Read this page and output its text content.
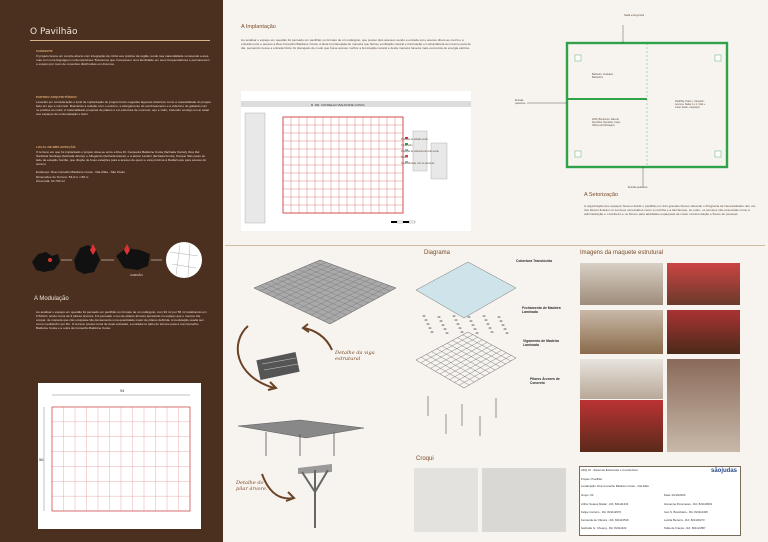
O Pavilhão
CONCEITO:
O projeto busca um convite aberto com integração de robôs aos prédios da região, tendo sua materialidade remetendo a eles, mas com uma linguagem contemporânea. Buscamos que trouxessem uma identidade em seus frequentadores e permanecem o espaço por meio de conexões distribuídas em diversos.
PARTIDO ARQUITETÔNICO:
Levando em consideração o local de implantação do projeto foram segadas algumas diretrizes como a materialidade do projeto feito em aço e concreto. Buscando a relação com o entorno, e alongamento do sombreamento e a vida livre do gabarito com os prédios ao redor. A materialidade proposta de pilares é em estrutura de concreto, aço e vidro, trazendo consigo um ar atual aos espaços de contemplação e lazer.
LOCAL DE IMPLANTAÇÃO:
O terreno em que foi implantado o projeto situa-se entre a Rua Dr. Cerqueira Baldoine Costa (fachada frontal), Rua Del Sanitária Santiago (fachada direita), e Alfegando (fachada lateral), e a atrizel Lavidor (fachada fundo), Parque São paulo ao lado da estação Carrão, que dispõe de boas estações para a acesso de quem e esta próxima à Radial leste para acesso do terreno.
Endereço: Rua Conselho Baldoine Costa - Vila Zilda - São Paulo
Dimensões do Terreno: 53,0 m x 88 m
Área total: 10.700 m²
CARRÃO
A Modulação
Ao analisar o espaço em questão foi pensado um pavilhão no formato de um retângulo, com 94 m² por 56 m² totalizando em 6.544m², tendo cerca de 9 pilares árvores. Foi pensado o uso de pilares árvores pensando no espaço que o mesmo iria ocupar, de maneira que não ocupasse tão densamente uma quantidade maior de pilares definida. A modulação usada tem como medida 8m por 8m. O terreno possui cerca de duas entradas, a entrada no pátio do terreno para a rua Conselho Baldoine Costa e a outra da Conselho Baldoine Costa.
94
56
A Implantação
Ao analisar o espaço em questão foi pensado um pavilhão no formato de um retângulo, que possui dois acessos sendo a entrada sul e acesso direto ao metrô e a entrada norte e acesso a Rua Conselho Baldoine Costa. A ideia foi planejada de maneira que fluísse ventilação natural e iluminação em abundância ao mesmo para de dia, pensando nesse a entrada Norte foi planejado de modo que fosse acesso melhor a iluminação natural e desta maneira haveria mais economia de energia elétrica.
R. DR. CONSELHO BALDOINE COSTA
Projeção do telhado verde
Implantado
Projeção de cobertura de vidro verde
Pilares
Área edificada, com os canteiros
Saída emergencial
Entrada pedestres
Entrada pedestres
Banheiro, Vestuário, Banheiros
ADM, Banheiros, Sala de Reuniões, Depósito, Copa, Oficina de Montagem
Pavilhão, Palco + Camarim, Acervos, Salas 1 e 2, Café + Lazer, Estar + Espaços
A Setorização
A organização dos espaços buscou dividir o pavilhão em três grandes blocos situando o Programa de Necessidades. Em um dos blocos ficaram os serviços necessários como a cozinha e a lanchonete, ao outro, os serviços não essenciais como a administração e o banheiro e os blocos para atividades espaçosas de maior movimentação e fluxos de pessoas.
Detalhe da viga estrutural
Detalhe do pilar árvore.
Diagrama
Cobertura Translúcida
Fechamento de Madeira Laminada
Vigamento de Madeira Laminada
Pilares Árvores de Concreto
Imagens da maquete estrutural
Croqui
ARQ 10 - Sistemas Estruturais e Construtivos	sãojudas
Projeto: Pavilhão
Localização: Rua Conselho Baldoine Costa - Vila Zilda
Grupo: 04	Data: 24/10/2023
Arthur Soares Mattar - RA: 821111234
Felipe Carreiro - RA: 821112670
Fernanda de Oliveira - RA: 821113516
Gabrielle G. Chuang - RA: 82111422
Giovanna Potomasso - RA: 821118291
Ivan S. Brambatto - RA: 821114436
Letícia Bezerra - RA: 821100273
Talita de França - RA: 821121657
